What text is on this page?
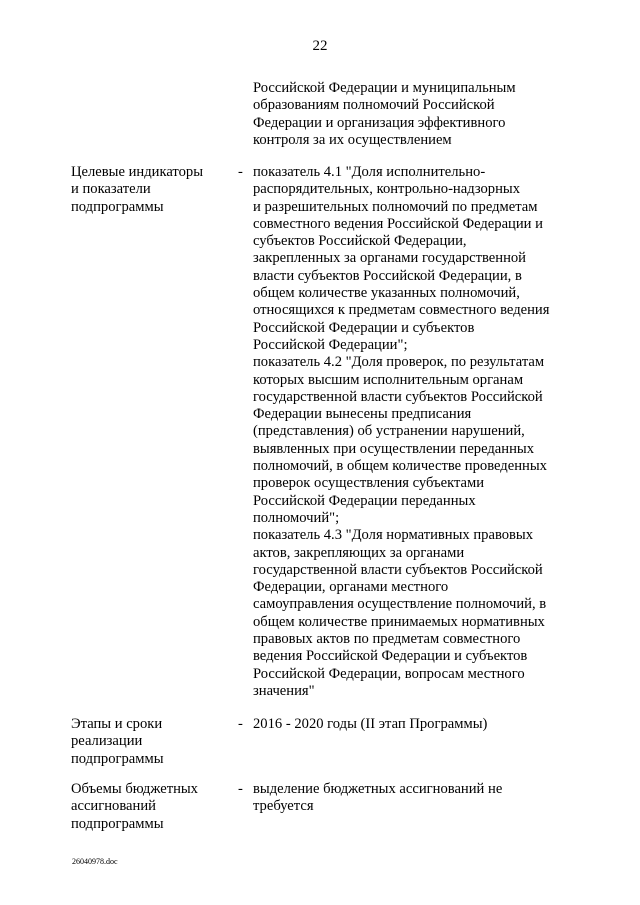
22
Российской Федерации и муниципальным
образованиям полномочий Российской
Федерации и организация эффективного
контроля за их осуществлением
Целевые индикаторы
и показатели
подпрограммы
- показатель 4.1 "Доля исполнительно-
распорядительных, контрольно-надзорных
и разрешительных полномочий по предметам
совместного ведения Российской Федерации и
субъектов Российской Федерации,
закрепленных за органами государственной
власти субъектов Российской Федерации, в
общем количестве указанных полномочий,
относящихся к предметам совместного ведения
Российской Федерации и субъектов
Российской Федерации";
показатель 4.2 "Доля проверок, по результатам
которых высшим исполнительным органам
государственной власти субъектов Российской
Федерации вынесены предписания
(представления) об устранении нарушений,
выявленных при осуществлении переданных
полномочий, в общем количестве проведенных
проверок осуществления субъектами
Российской Федерации переданных
полномочий";
показатель 4.3 "Доля нормативных правовых
актов, закрепляющих за органами
государственной власти субъектов Российской
Федерации, органами местного
самоуправления осуществление полномочий, в
общем количестве принимаемых нормативных
правовых актов по предметам совместного
ведения Российской Федерации и субъектов
Российской Федерации, вопросам местного
значения"
Этапы и сроки
реализации
подпрограммы
- 2016 - 2020 годы (II этап Программы)
Объемы бюджетных
ассигнований
подпрограммы
- выделение бюджетных ассигнований не
требуется
26040978.doc
